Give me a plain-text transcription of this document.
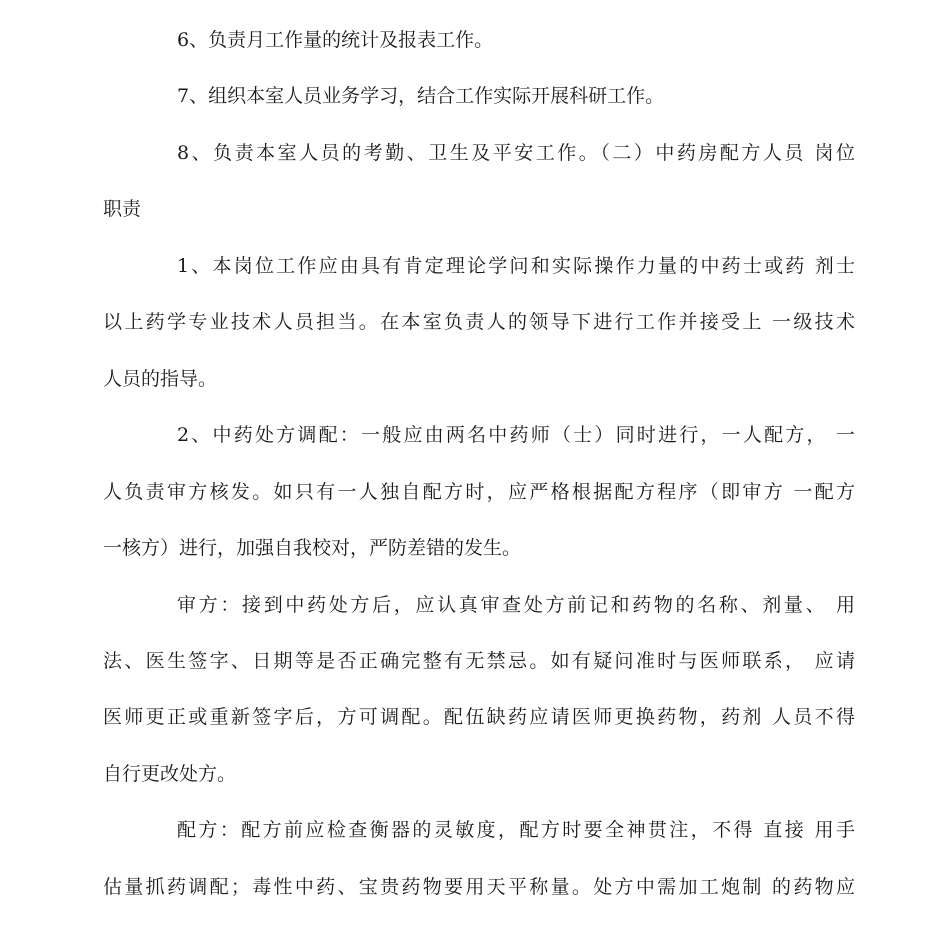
6、负责月工作量的统计及报表工作。

7、组织本室人员业务学习，结合工作实际开展科研工作。

8、负责本室人员的考勤、卫生及平安工作。（二）中药房配方人员 岗位

职责

1、本岗位工作应由具有肯定理论学问和实际操作力量的中药士或药 剂士

以上药学专业技术人员担当。在本室负责人的领导下进行工作并接受上 一级技术

人员的指导。

2、中药处方调配：一般应由两名中药师（士）同时进行，一人配方， 一

人负责审方核发。如只有一人独自配方时，应严格根据配方程序（即审方 一配方

一核方）进行，加强自我校对，严防差错的发生。

审方：接到中药处方后，应认真审查处方前记和药物的名称、剂量、 用

法、医生签字、日期等是否正确完整有无禁忌。如有疑问准时与医师联系， 应请

医师更正或重新签字后，方可调配。配伍缺药应请医师更换药物，药剂 人员不得

自行更改处方。

配方：配方前应检查衡器的灵敏度，配方时要全神贯注，不得 直接 用手

估量抓药调配；毒性中药、宝贵药物要用天平称量。处方中需加工炮制 的药物应
